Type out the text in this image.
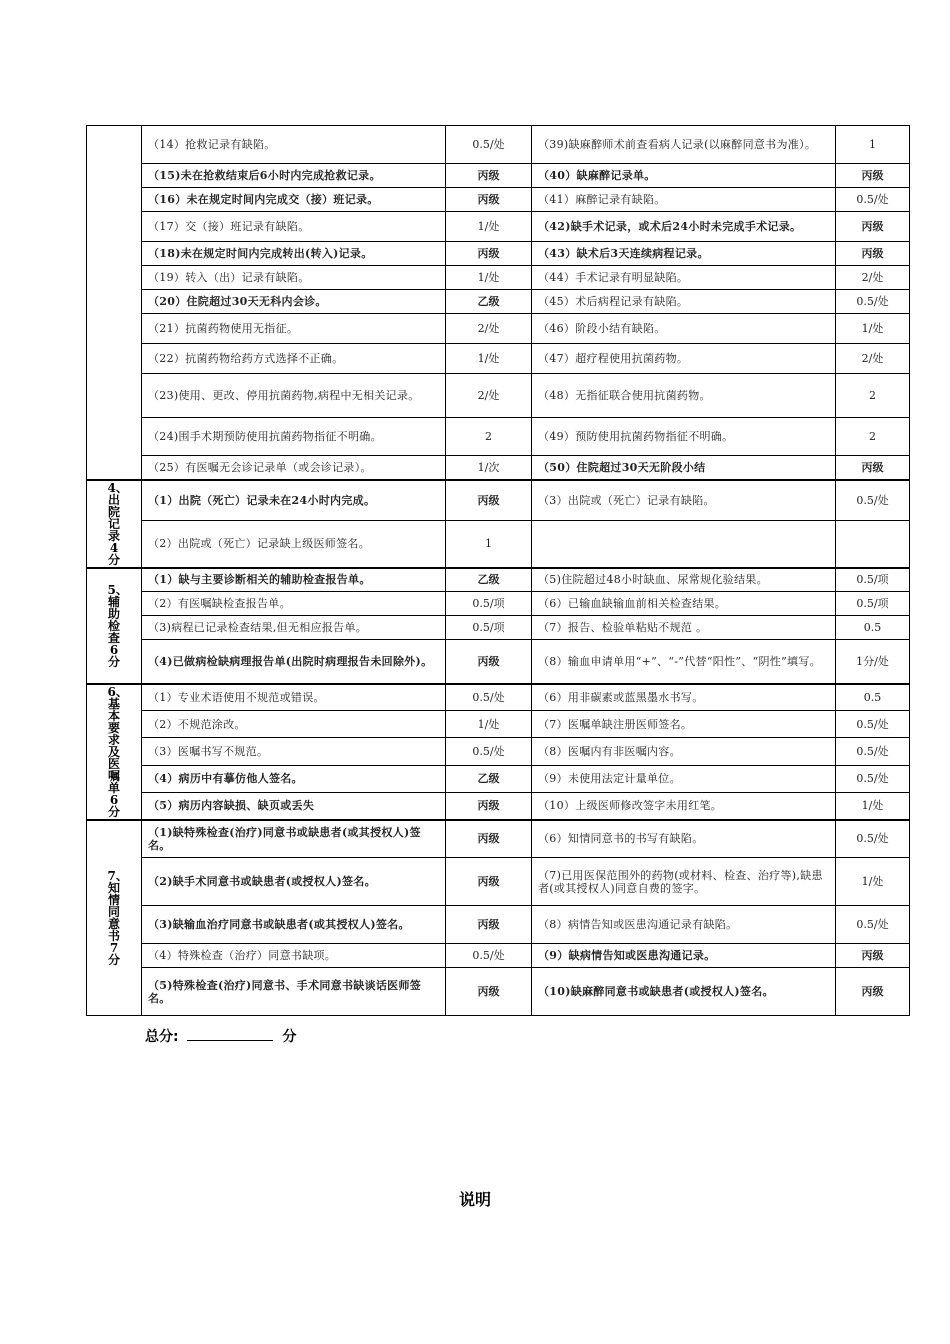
	（14）抢救记录有缺陷。	0.5/处	（39)缺麻醉师术前查看病人记录(以麻醉同意书为准）。	1
	（15)未在抢救结束后6小时内完成抢救记录。	丙级	（40）缺麻醉记录单。	丙级
	（16）未在规定时间内完成交（接）班记录。	丙级	（41）麻醉记录有缺陷。	0.5/处
	（17）交（接）班记录有缺陷。	1/处	（42)缺手术记录，或术后24小时未完成手术记录。	丙级
	（18)未在规定时间内完成转出(转入)记录。	丙级	（43）缺术后3天连续病程记录。	丙级
	（19）转入（出）记录有缺陷。	1/处	（44）手术记录有明显缺陷。	2/处
	（20）住院超过30天无科内会诊。	乙级	（45）术后病程记录有缺陷。	0.5/处
	（21）抗菌药物使用无指征。	2/处	（46）阶段小结有缺陷。	1/处
	（22）抗菌药物给药方式选择不正确。	1/处	（47）超疗程使用抗菌药物。	2/处
	（23)使用、更改、停用抗菌药物,病程中无相关记录。	2/处	（48）无指征联合使用抗菌药物。	2
	（24)围手术期预防使用抗菌药物指征不明确。	2	（49）预防使用抗菌药物指征不明确。	2
	（25）有医嘱无会诊记录单（或会诊记录）。	1/次	（50）住院超过30天无阶段小结	丙级
4、出院记录4分	（1）出院（死亡）记录未在24小时内完成。	丙级	（3）出院或（死亡）记录有缺陷。	0.5/处
	（2）出院或（死亡）记录缺上级医师签名。	1		
5、辅助检查6分	（1）缺与主要诊断相关的辅助检查报告单。	乙级	（5)住院超过48小时缺血、尿常规化验结果。	0.5/项
	（2）有医嘱缺检查报告单。	0.5/项	（6）已输血缺输血前相关检查结果。	0.5/项
	（3)病程已记录检查结果,但无相应报告单。	0.5/项	（7）报告、检验单粘贴不规范 。	0.5
	（4)已做病检缺病理报告单(出院时病理报告未回除外)。	丙级	（8）输血申请单用“+”、“-”代替“阳性”、“阴性”填写。	1分/处
6、基本要求及医嘱单6分	（1）专业术语使用不规范或错误。	0.5/处	（6）用非碳素或蓝黑墨水书写。	0.5
	（2）不规范涂改。	1/处	（7）医嘱单缺注册医师签名。	0.5/处
	（3）医嘱书写不规范。	0.5/处	（8）医嘱内有非医嘱内容。	0.5/处
	（4）病历中有摹仿他人签名。	乙级	（9）未使用法定计量单位。	0.5/处
	（5）病历内容缺损、缺页或丢失	丙级	（10）上级医师修改签字未用红笔。	1/处
7、知情同意书7分	（1)缺特殊检查(治疗)同意书或缺患者(或其授权人)签名。	丙级	（6）知情同意书的书写有缺陷。	0.5/处
	（2)缺手术同意书或缺患者(或授权人)签名。	丙级	（7)已用医保范围外的药物(或材料、检查、治疗等),缺患者(或其授权人)同意自费的签字。	1/处
	（3)缺输血治疗同意书或缺患者(或其授权人)签名。	丙级	（8）病情告知或医患沟通记录有缺陷。	0.5/处
	（4）特殊检查（治疗）同意书缺项。	0.5/处	（9）缺病情告知或医患沟通记录。	丙级
	（5)特殊检查(治疗)同意书、手术同意书缺谈话医师签名。	丙级	（10)缺麻醉同意书或缺患者(或授权人)签名。	丙级
总分:	分
说明
